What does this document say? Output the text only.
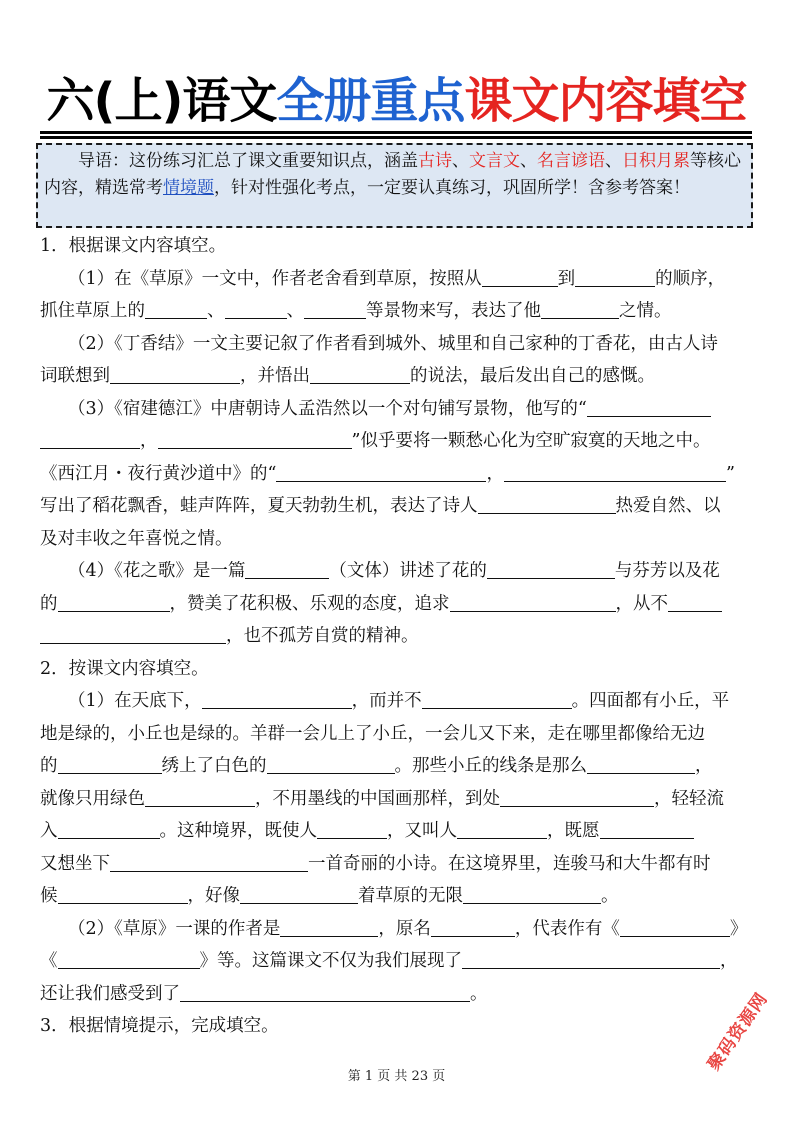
六(上)语文全册重点课文内容填空
导语：这份练习汇总了课文重要知识点，涵盖古诗、文言文、名言谚语、日积月累等核心内容，精选常考情境题，针对性强化考点，一定要认真练习，巩固所学！含参考答案！
1．根据课文内容填空。
（1）在《草原》一文中，作者老舍看到草原，按照从	到	的顺序，
抓住草原上的	、	、	等景物来写，表达了他	之情。
（2）《丁香结》一文主要记叙了作者看到城外、城里和自己家种的丁香花，由古人诗
词联想到	，并悟出	的说法，最后发出自己的感慨。
（3）《宿建德江》中唐朝诗人孟浩然以一个对句铺写景物，他写的“
，	”似乎要将一颗愁心化为空旷寂寞的天地之中。
《西江月・夜行黄沙道中》的“	，	”
写出了稻花飘香，蛙声阵阵，夏天勃勃生机，表达了诗人	热爱自然、以
及对丰收之年喜悦之情。
（4）《花之歌》是一篇	（文体）讲述了花的	与芬芳以及花
的	，赞美了花积极、乐观的态度，追求	，从不
，也不孤芳自赏的精神。
2．按课文内容填空。
（1）在天底下，	，而并不	。四面都有小丘，平
地是绿的，小丘也是绿的。羊群一会儿上了小丘，一会儿又下来，走在哪里都像给无边
的	绣上了白色的	。那些小丘的线条是那么	，
就像只用绿色	，不用墨线的中国画那样，到处	，轻轻流
入	。这种境界，既使人	，又叫人	，既愿
又想坐下	一首奇丽的小诗。在这境界里，连骏马和大牛都有时
候	，好像	着草原的无限	。
（2）《草原》一课的作者是	，原名	，代表作有《	》
《	》等。这篇课文不仅为我们展现了	，
还让我们感受到了	。
3．根据情境提示，完成填空。
第 1 页 共 23 页
聚码资源网
